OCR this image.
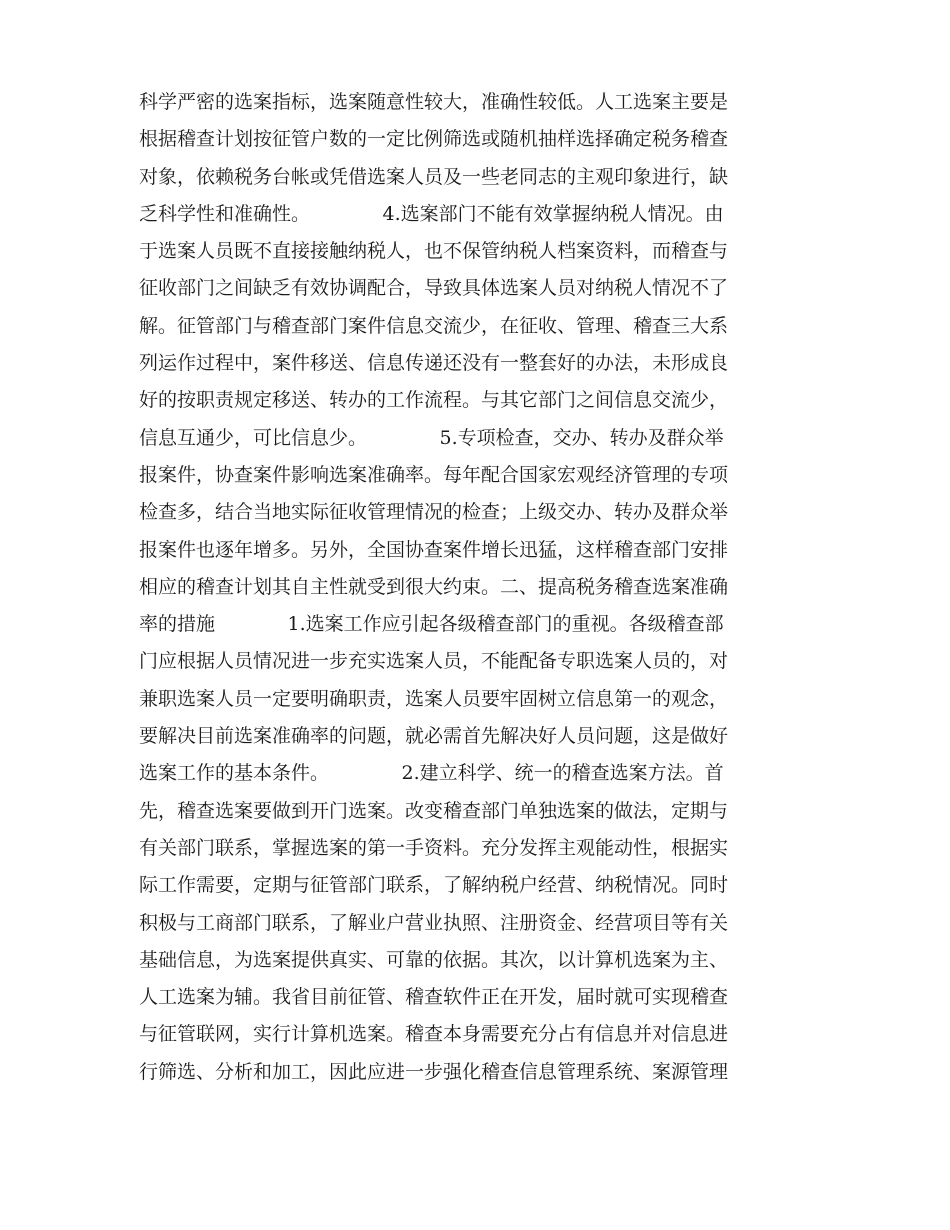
科学严密的选案指标，选案随意性较大，准确性较低。人工选案主要是
根据稽查计划按征管户数的一定比例筛选或随机抽样选择确定税务稽查
对象，依赖税务台帐或凭借选案人员及一些老同志的主观印象进行，缺
乏科学性和准确性。            4.选案部门不能有效掌握纳税人情况。由
于选案人员既不直接接触纳税人，也不保管纳税人档案资料，而稽查与
征收部门之间缺乏有效协调配合，导致具体选案人员对纳税人情况不了
解。征管部门与稽查部门案件信息交流少，在征收、管理、稽查三大系
列运作过程中，案件移送、信息传递还没有一整套好的办法，未形成良
好的按职责规定移送、转办的工作流程。与其它部门之间信息交流少，
信息互通少，可比信息少。            5.专项检查，交办、转办及群众举
报案件，协查案件影响选案准确率。每年配合国家宏观经济管理的专项
检查多，结合当地实际征收管理情况的检查；上级交办、转办及群众举
报案件也逐年增多。另外，全国协查案件增长迅猛，这样稽查部门安排
相应的稽查计划其自主性就受到很大约束。二、提高税务稽查选案准确
率的措施            1.选案工作应引起各级稽查部门的重视。各级稽查部
门应根据人员情况进一步充实选案人员，不能配备专职选案人员的，对
兼职选案人员一定要明确职责，选案人员要牢固树立信息第一的观念，
要解决目前选案准确率的问题，就必需首先解决好人员问题，这是做好
选案工作的基本条件。            2.建立科学、统一的稽查选案方法。首
先，稽查选案要做到开门选案。改变稽查部门单独选案的做法，定期与
有关部门联系，掌握选案的第一手资料。充分发挥主观能动性，根据实
际工作需要，定期与征管部门联系，了解纳税户经营、纳税情况。同时
积极与工商部门联系，了解业户营业执照、注册资金、经营项目等有关
基础信息，为选案提供真实、可靠的依据。其次，以计算机选案为主、
人工选案为辅。我省目前征管、稽查软件正在开发，届时就可实现稽查
与征管联网，实行计算机选案。稽查本身需要充分占有信息并对信息进
行筛选、分析和加工，因此应进一步强化稽查信息管理系统、案源管理
